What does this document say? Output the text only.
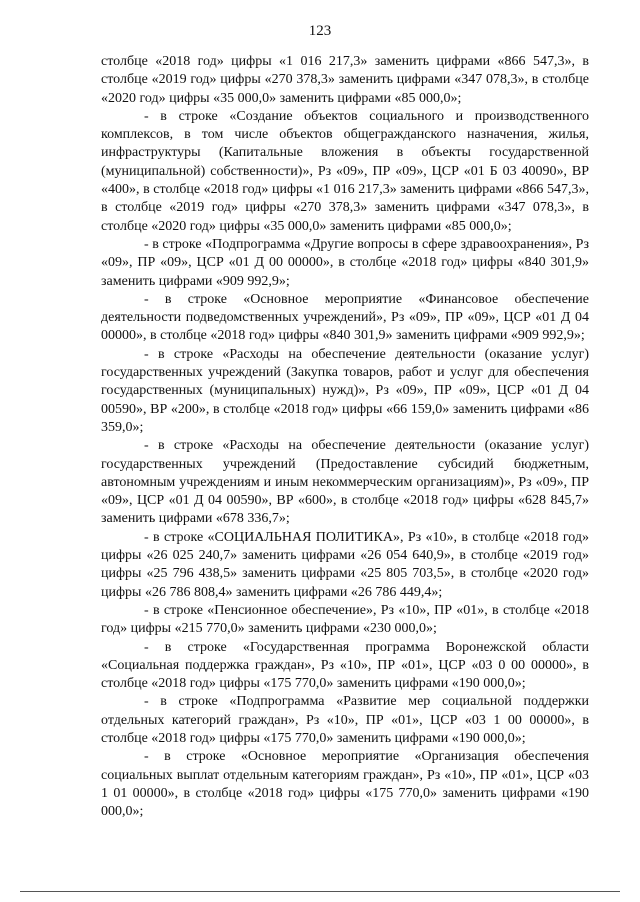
123

столбце «2018 год» цифры «1 016 217,3» заменить цифрами «866 547,3», в столбце «2019 год» цифры «270 378,3» заменить цифрами «347 078,3», в столбце «2020 год» цифры «35 000,0» заменить цифрами «85 000,0»;

- в строке «Создание объектов социального и производственного комплексов, в том числе объектов общегражданского назначения, жилья, инфраструктуры (Капитальные вложения в объекты государственной (муниципальной) собственности)», Рз «09», ПР «09», ЦСР «01 Б 03 40090», ВР «400», в столбце «2018 год» цифры «1 016 217,3» заменить цифрами «866 547,3», в столбце «2019 год» цифры «270 378,3» заменить цифрами «347 078,3», в столбце «2020 год» цифры «35 000,0» заменить цифрами «85 000,0»;

- в строке «Подпрограмма «Другие вопросы в сфере здравоохранения», Рз «09», ПР «09», ЦСР «01 Д 00 00000», в столбце «2018 год» цифры «840 301,9» заменить цифрами «909 992,9»;

- в строке «Основное мероприятие «Финансовое обеспечение деятельности подведомственных учреждений», Рз «09», ПР «09», ЦСР «01 Д 04 00000», в столбце «2018 год» цифры «840 301,9» заменить цифрами «909 992,9»;

- в строке «Расходы на обеспечение деятельности (оказание услуг) государственных учреждений (Закупка товаров, работ и услуг для обеспечения государственных (муниципальных) нужд)», Рз «09», ПР «09», ЦСР «01 Д 04 00590», ВР «200», в столбце «2018 год» цифры «66 159,0» заменить цифрами «86 359,0»;

- в строке «Расходы на обеспечение деятельности (оказание услуг) государственных учреждений (Предоставление субсидий бюджетным, автономным учреждениям и иным некоммерческим организациям)», Рз «09», ПР «09», ЦСР «01 Д 04 00590», ВР «600», в столбце «2018 год» цифры «628 845,7» заменить цифрами «678 336,7»;

- в строке «СОЦИАЛЬНАЯ ПОЛИТИКА», Рз «10», в столбце «2018 год» цифры «26 025 240,7» заменить цифрами «26 054 640,9», в столбце «2019 год» цифры «25 796 438,5» заменить цифрами «25 805 703,5», в столбце «2020 год» цифры «26 786 808,4» заменить цифрами «26 786 449,4»;

- в строке «Пенсионное обеспечение», Рз «10», ПР «01», в столбце «2018 год» цифры «215 770,0» заменить цифрами «230 000,0»;

- в строке «Государственная программа Воронежской области «Социальная поддержка граждан», Рз «10», ПР «01», ЦСР «03 0 00 00000», в столбце «2018 год» цифры «175 770,0» заменить цифрами «190 000,0»;

- в строке «Подпрограмма «Развитие мер социальной поддержки отдельных категорий граждан», Рз «10», ПР «01», ЦСР «03 1 00 00000», в столбце «2018 год» цифры «175 770,0» заменить цифрами «190 000,0»;

- в строке «Основное мероприятие «Организация обеспечения социальных выплат отдельным категориям граждан», Рз «10», ПР «01», ЦСР «03 1 01 00000», в столбце «2018 год» цифры «175 770,0» заменить цифрами «190 000,0»;
